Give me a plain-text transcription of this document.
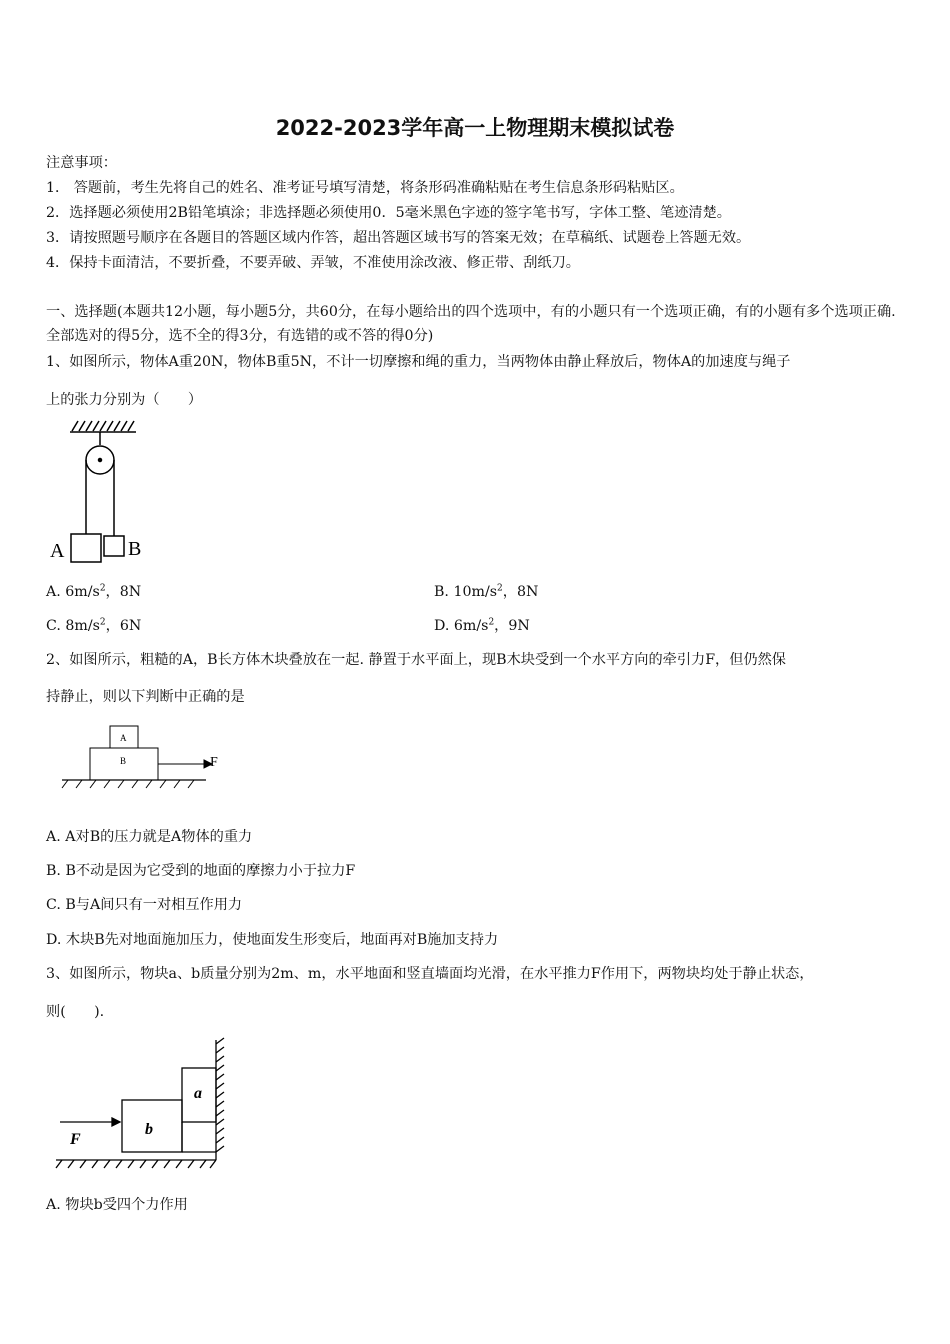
2022-2023学年高一上物理期末模拟试卷
注意事项：
1． 答题前，考生先将自己的姓名、准考证号填写清楚，将条形码准确粘贴在考生信息条形码粘贴区。
2．选择题必须使用2B铅笔填涂；非选择题必须使用0．5毫米黑色字迹的签字笔书写，字体工整、笔迹清楚。
3．请按照题号顺序在各题目的答题区域内作答，超出答题区域书写的答案无效；在草稿纸、试题卷上答题无效。
4．保持卡面清洁，不要折叠，不要弄破、弄皱，不准使用涂改液、修正带、刮纸刀。
一、选择题(本题共12小题，每小题5分，共60分，在每小题给出的四个选项中，有的小题只有一个选项正确，有的小题有多个选项正确.全部选对的得5分，选不全的得3分，有选错的或不答的得0分)
1、如图所示，物体A重20N，物体B重5N，不计一切摩擦和绳的重力，当两物体由静止释放后，物体A的加速度与绳子
上的张力分别为（　　）
A	B
A. $6m/s^2$，8N	B. $10m/s^2$，8N
C. $8m/s^2$，6N	D. $6m/s^2$，9N
2、如图所示，粗糙的A，B长方体木块叠放在一起. 静置于水平面上，现B木块受到一个水平方向的牵引力F，但仍然保
持静止，则以下判断中正确的是
A
B	F
A. A对B的压力就是A物体的重力
B. B不动是因为它受到的地面的摩擦力小于拉力F
C. B与A间只有一对相互作用力
D. 木块B先对地面施加压力，使地面发生形变后，地面再对B施加支持力
3、如图所示，物块a、b质量分别为2m、m，水平地面和竖直墙面均光滑，在水平推力F作用下，两物块均处于静止状态，
则(　　).
a
b
F
A. 物块b受四个力作用
